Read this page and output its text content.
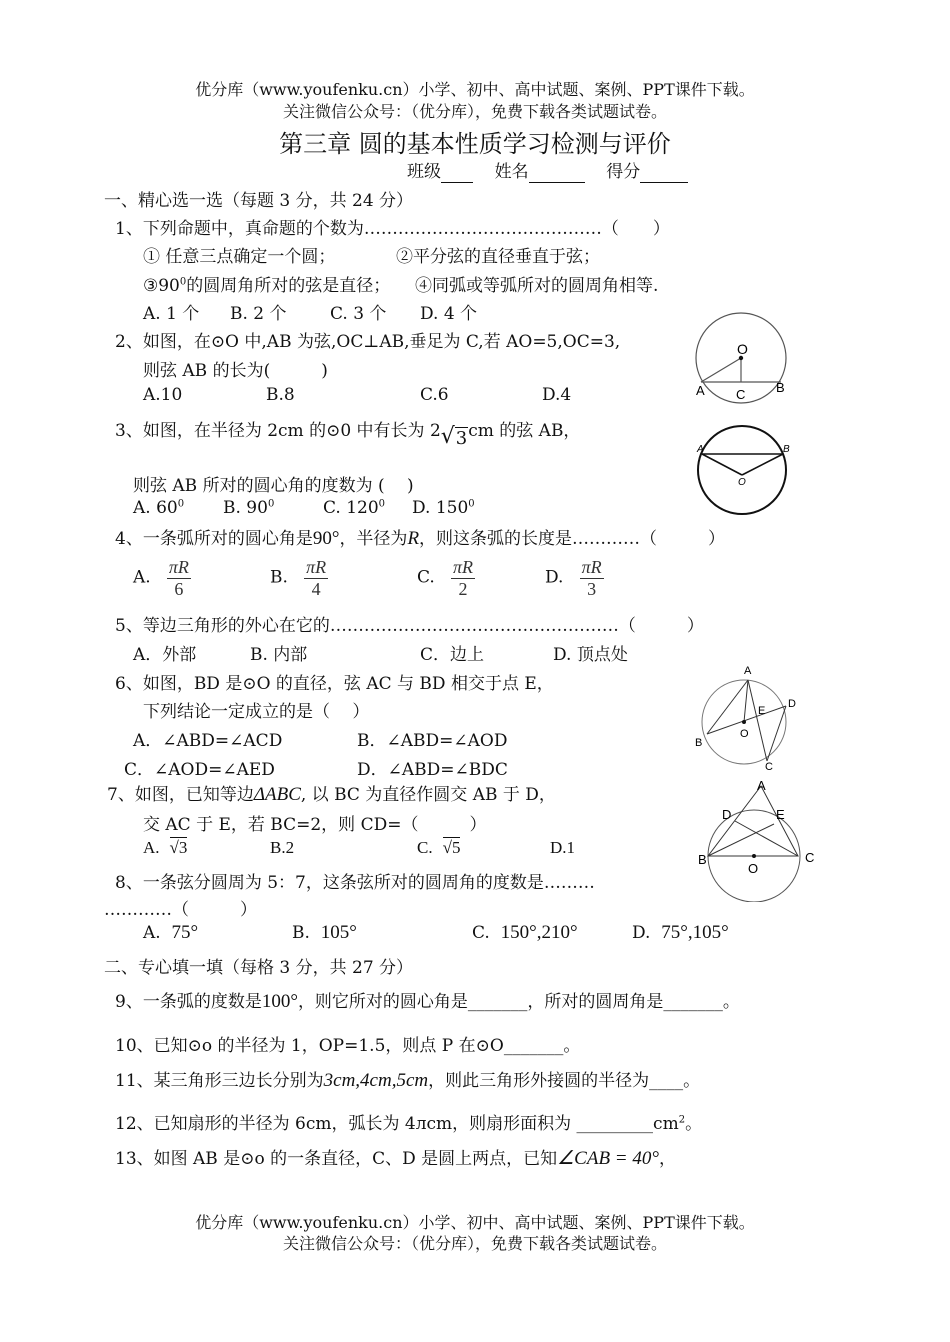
优分库（www.youfenku.cn）小学、初中、高中试题、案例、PPT课件下载。
关注微信公众号：（优分库），免费下载各类试题试卷。
第三章 圆的基本性质学习检测与评价
班级	姓名	得分
一、精心选一选（每题 3 分，共 24 分）
1、下列命题中，真命题的个数为……………………………………（　　）
① 任意三点确定一个圆；	②平分弦的直径垂直于弦；
$③90^0$的圆周角所对的弦是直径； ④同弧或等弧所对的圆周角相等.
A. 1 个 B. 2 个	C. 3 个 D. 4 个
2、如图，在⊙O 中,AB 为弦,OC⊥AB,垂足为 C,若 AO=5,OC=3,
则弦 AB 的长为(　　　)
A.10	B.8	C.6	D.4
O
A	B
C
3、如图，在半径为 2cm 的⊙0 中有长为 2 √ 3cm 的弦 AB，
则弦 AB 所对的圆心角的度数为 (　 )
A. $60^0$ B. $90^0$	C. $120^0$ D. $150^0$
A	B
O
4、一条弧所对的圆心角是90°，半径为R，则这条弧的长度是…………（　　　）
A. $\frac{\pi R}{6}$	B. $\frac{\pi R}{4}$	C. $\frac{\pi R}{2}$	D. $\frac{\pi R}{3}$
5、等边三角形的外心在它的……………………………………………（　　　）
A．外部	B. 内部	C．边上	D. 顶点处
6、如图，BD 是⊙O 的直径，弦 AC 与 BD 相交于点 E，
下列结论一定成立的是（　 ）
A．∠ABD=∠ACD	B．∠ABD=∠AOD
C．∠AOD=∠AED	D．∠ABD=∠BDC
A
B
C
D
E
O
7、如图，已知等边ΔABC, 以 BC 为直径作圆交 AB 于 D，
交 AC 于 E，若 BC=2，则 CD=（　　　）
A. √3	B.2	C. √5	D.1
A
B	C
D	E
O
8、一条弦分圆周为 5：7，这条弦所对的圆周角的度数是………
…………（　　　）
A. 75°	B. 105°	C. 150°,210°	D. 75°,105°
二、专心填一填（每格 3 分，共 27 分）
9、一条弧的度数是100°，则它所对的圆心角是_______，所对的圆周角是_______。
10、已知⊙o 的半径为 1，OP=1.5，则点 P 在⊙O_______。
11、某三角形三边长分别为3cm,4cm,5cm，则此三角形外接圆的半径为____。
12、已知扇形的半径为 6cm，弧长为 4лcm，则扇形面积为 $\_\_\_\_\_\_\_\_\_cm^2$。
13、如图 AB 是⊙o 的一条直径，C、D 是圆上两点，已知∠CAB = 40°，
优分库（www.youfenku.cn）小学、初中、高中试题、案例、PPT课件下载。
关注微信公众号：（优分库），免费下载各类试题试卷。
